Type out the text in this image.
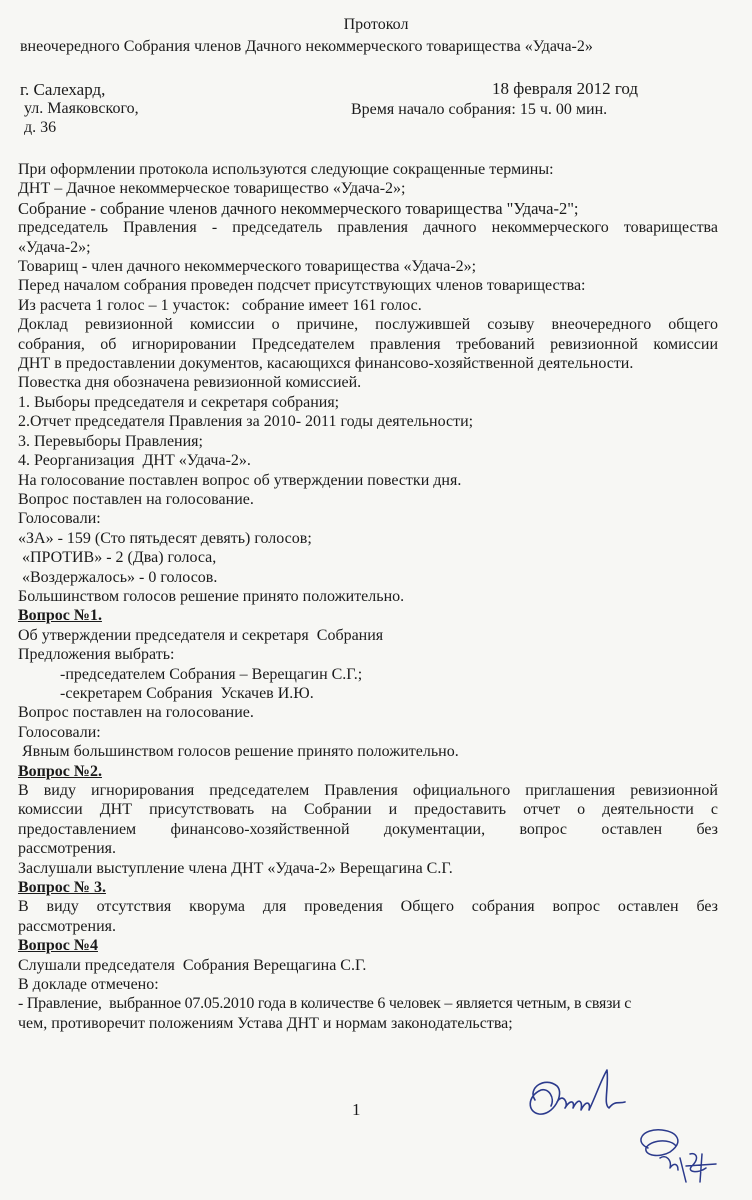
Протокол
внеочередного Собрания членов Дачного некоммерческого товарищества «Удача-2»
г. Салехард,
ул. Маяковского,
д. 36
18 февраля 2012 год
Время начало собрания: 15 ч. 00 мин.
При оформлении протокола используются следующие сокращенные термины:
ДНТ – Дачное некоммерческое товарищество «Удача-2»;
Собрание - собрание членов дачного некоммерческого товарищества "Удача-2";
председатель Правления - председатель правления дачного некоммерческого товарищества
«Удача-2»;
Товарищ - член дачного некоммерческого товарищества «Удача-2»;
Перед началом собрания проведен подсчет присутствующих членов товарищества:
Из расчета 1 голос – 1 участок:   собрание имеет 161 голос.
Доклад ревизионной комиссии о причине, послужившей созыву внеочередного общего
собрания, об игнорировании Председателем правления требований ревизионной комиссии
ДНТ в предоставлении документов, касающихся финансово-хозяйственной деятельности.
Повестка дня обозначена ревизионной комиссией.
1. Выборы председателя и секретаря собрания;
2.Отчет председателя Правления за 2010- 2011 годы деятельности;
3. Перевыборы Правления;
4. Реорганизация  ДНТ «Удача-2».
На голосование поставлен вопрос об утверждении повестки дня.
Вопрос поставлен на голосование.
Голосовали:
«ЗА» - 159 (Сто пятьдесят девять) голосов;
«ПРОТИВ» - 2 (Два) голоса,
«Воздержалось» - 0 голосов.
Большинством голосов решение принято положительно.
Вопрос №1.
Об утверждении председателя и секретаря  Собрания
Предложения выбрать:
-председателем Собрания – Верещагин С.Г.;
-секретарем Собрания  Ускачев И.Ю.
Вопрос поставлен на голосование.
Голосовали:
Явным большинством голосов решение принято положительно.
Вопрос №2.
В виду игнорирования председателем Правления официального приглашения ревизионной
комиссии ДНТ присутствовать на Собрании и предоставить отчет о деятельности с
предоставлением финансово-хозяйственной документации, вопрос оставлен без
рассмотрения.
Заслушали выступление члена ДНТ «Удача-2» Верещагина С.Г.
Вопрос № 3.
В виду отсутствия кворума для проведения Общего собрания вопрос оставлен без
рассмотрения.
Вопрос №4
Слушали председателя  Собрания Верещагина С.Г.
В докладе отмечено:
- Правление,  выбранное 07.05.2010 года в количестве 6 человек – является четным, в связи с
чем, противоречит положениям Устава ДНТ и нормам законодательства;
1
